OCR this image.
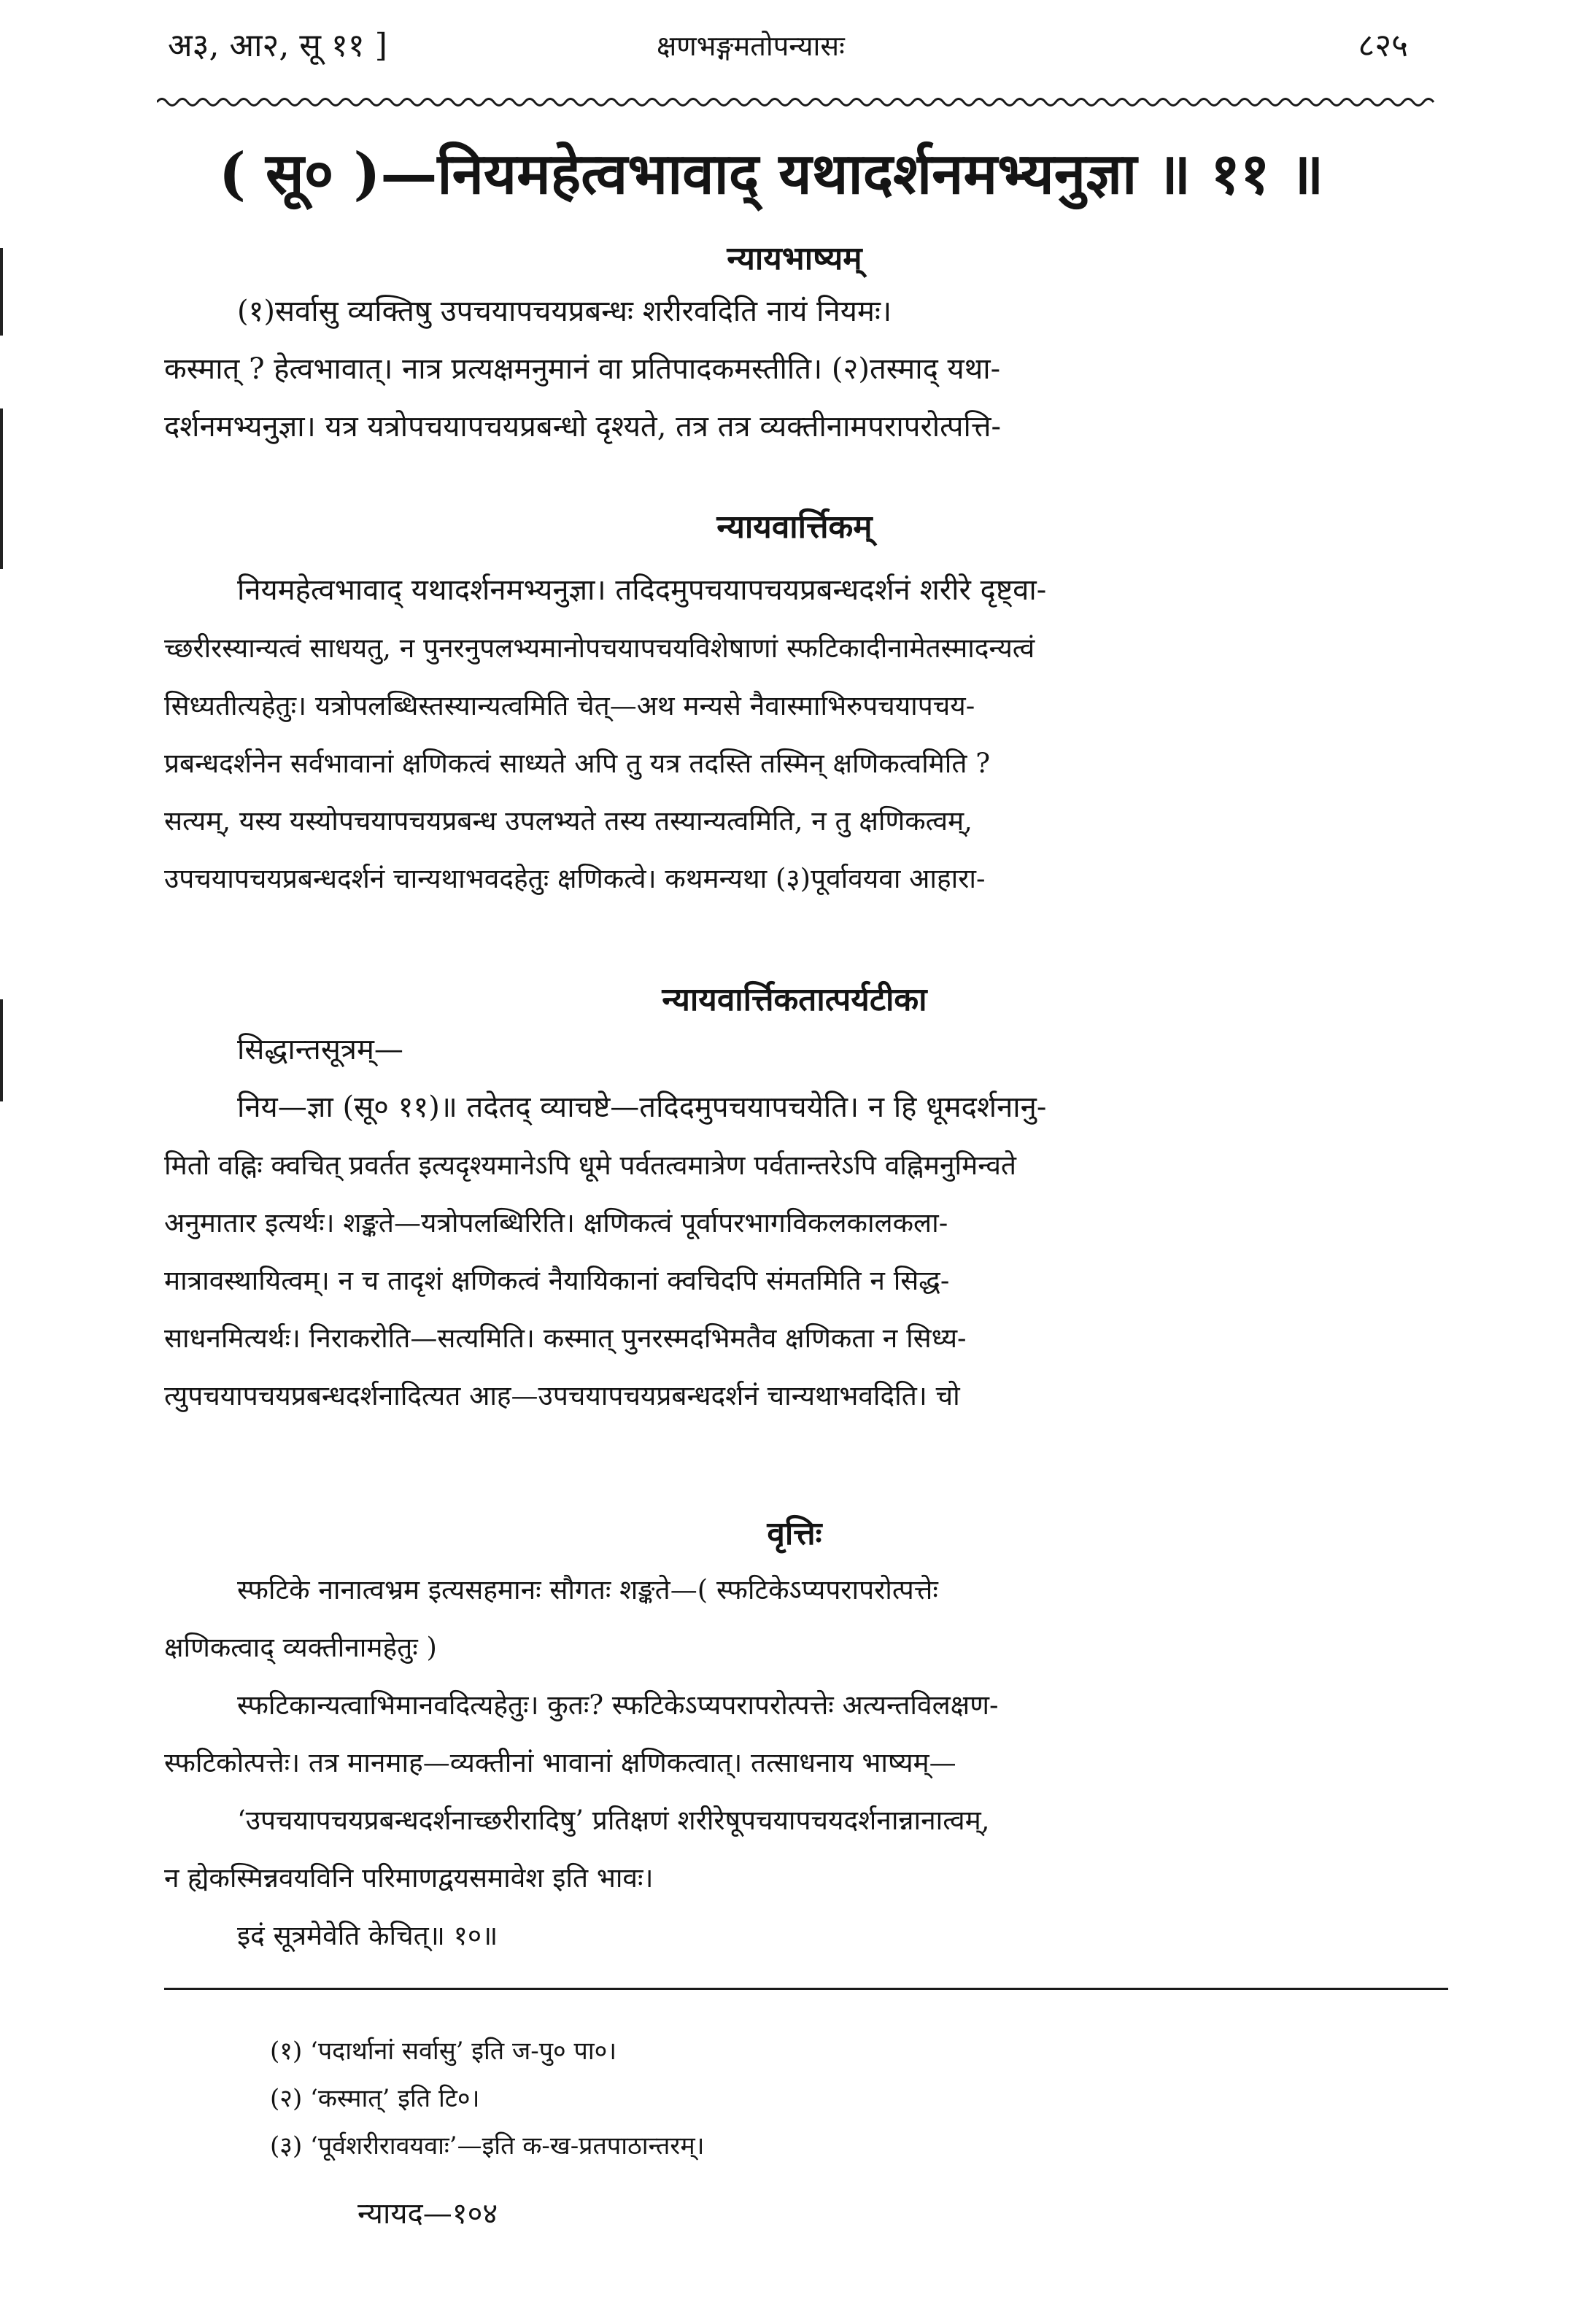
अ३, आ२, सू ११ ]	क्षणभङ्गमतोपन्यासः	८२५
( सू० )—नियमहेत्वभावाद् यथादर्शनमभ्यनुज्ञा ॥ ११ ॥
न्यायभाष्यम्
(१)सर्वासु व्यक्तिषु उपचयापचयप्रबन्धः शरीरवदिति नायं नियमः।
कस्मात् ? हेत्वभावात्। नात्र प्रत्यक्षमनुमानं वा प्रतिपादकमस्तीति। (२)तस्माद् यथा-
दर्शनमभ्यनुज्ञा। यत्र यत्रोपचयापचयप्रबन्धो दृश्यते, तत्र तत्र व्यक्तीनामपरापरोत्पत्ति-
न्यायवार्त्तिकम्
नियमहेत्वभावाद् यथादर्शनमभ्यनुज्ञा। तदिदमुपचयापचयप्रबन्धदर्शनं शरीरे दृष्ट्वा-
च्छरीरस्यान्यत्वं साधयतु, न पुनरनुपलभ्यमानोपचयापचयविशेषाणां स्फटिकादीनामेतस्मादन्यत्वं
सिध्यतीत्यहेतुः। यत्रोपलब्धिस्तस्यान्यत्वमिति चेत्—अथ मन्यसे नैवास्माभिरुपचयापचय-
प्रबन्धदर्शनेन सर्वभावानां क्षणिकत्वं साध्यते अपि तु यत्र तदस्ति तस्मिन् क्षणिकत्वमिति ?
सत्यम्, यस्य यस्योपचयापचयप्रबन्ध उपलभ्यते तस्य तस्यान्यत्वमिति, न तु क्षणिकत्वम्,
उपचयापचयप्रबन्धदर्शनं चान्यथाभवदहेतुः क्षणिकत्वे। कथमन्यथा (३)पूर्वावयवा आहारा-
न्यायवार्त्तिकतात्पर्यटीका
सिद्धान्तसूत्रम्—
निय—ज्ञा (सू० ११)॥ तदेतद् व्याचष्टे—तदिदमुपचयापचयेति। न हि धूमदर्शनानु-
मितो वह्निः क्वचित् प्रवर्तत इत्यदृश्यमानेऽपि धूमे पर्वतत्वमात्रेण पर्वतान्तरेऽपि वह्निमनुमिन्वते
अनुमातार इत्यर्थः। शङ्कते—यत्रोपलब्धिरिति। क्षणिकत्वं पूर्वापरभागविकलकालकला-
मात्रावस्थायित्वम्। न च तादृशं क्षणिकत्वं नैयायिकानां क्वचिदपि संमतमिति न सिद्ध-
साधनमित्यर्थः। निराकरोति—सत्यमिति। कस्मात् पुनरस्मदभिमतैव क्षणिकता न सिध्य-
त्युपचयापचयप्रबन्धदर्शनादित्यत आह—उपचयापचयप्रबन्धदर्शनं चान्यथाभवदिति। चो
वृत्तिः
स्फटिके नानात्वभ्रम इत्यसहमानः सौगतः शङ्कते—( स्फटिकेऽप्यपरापरोत्पत्तेः
क्षणिकत्वाद् व्यक्तीनामहेतुः )
स्फटिकान्यत्वाभिमानवदित्यहेतुः। कुतः? स्फटिकेऽप्यपरापरोत्पत्तेः अत्यन्तविलक्षण-
स्फटिकोत्पत्तेः। तत्र मानमाह—व्यक्तीनां भावानां क्षणिकत्वात्। तत्साधनाय भाष्यम्—
‘उपचयापचयप्रबन्धदर्शनाच्छरीरादिषु’ प्रतिक्षणं शरीरेषूपचयापचयदर्शनान्नानात्वम्,
न ह्येकस्मिन्नवयविनि परिमाणद्वयसमावेश इति भावः।
इदं सूत्रमेवेति केचित्॥ १०॥
(१) ‘पदार्थानां सर्वासु’ इति ज-पु० पा०।
(२) ‘कस्मात्’ इति टि०।
(३) ‘पूर्वशरीरावयवाः’—इति क-ख-प्रतपाठान्तरम्।
न्यायद—१०४
